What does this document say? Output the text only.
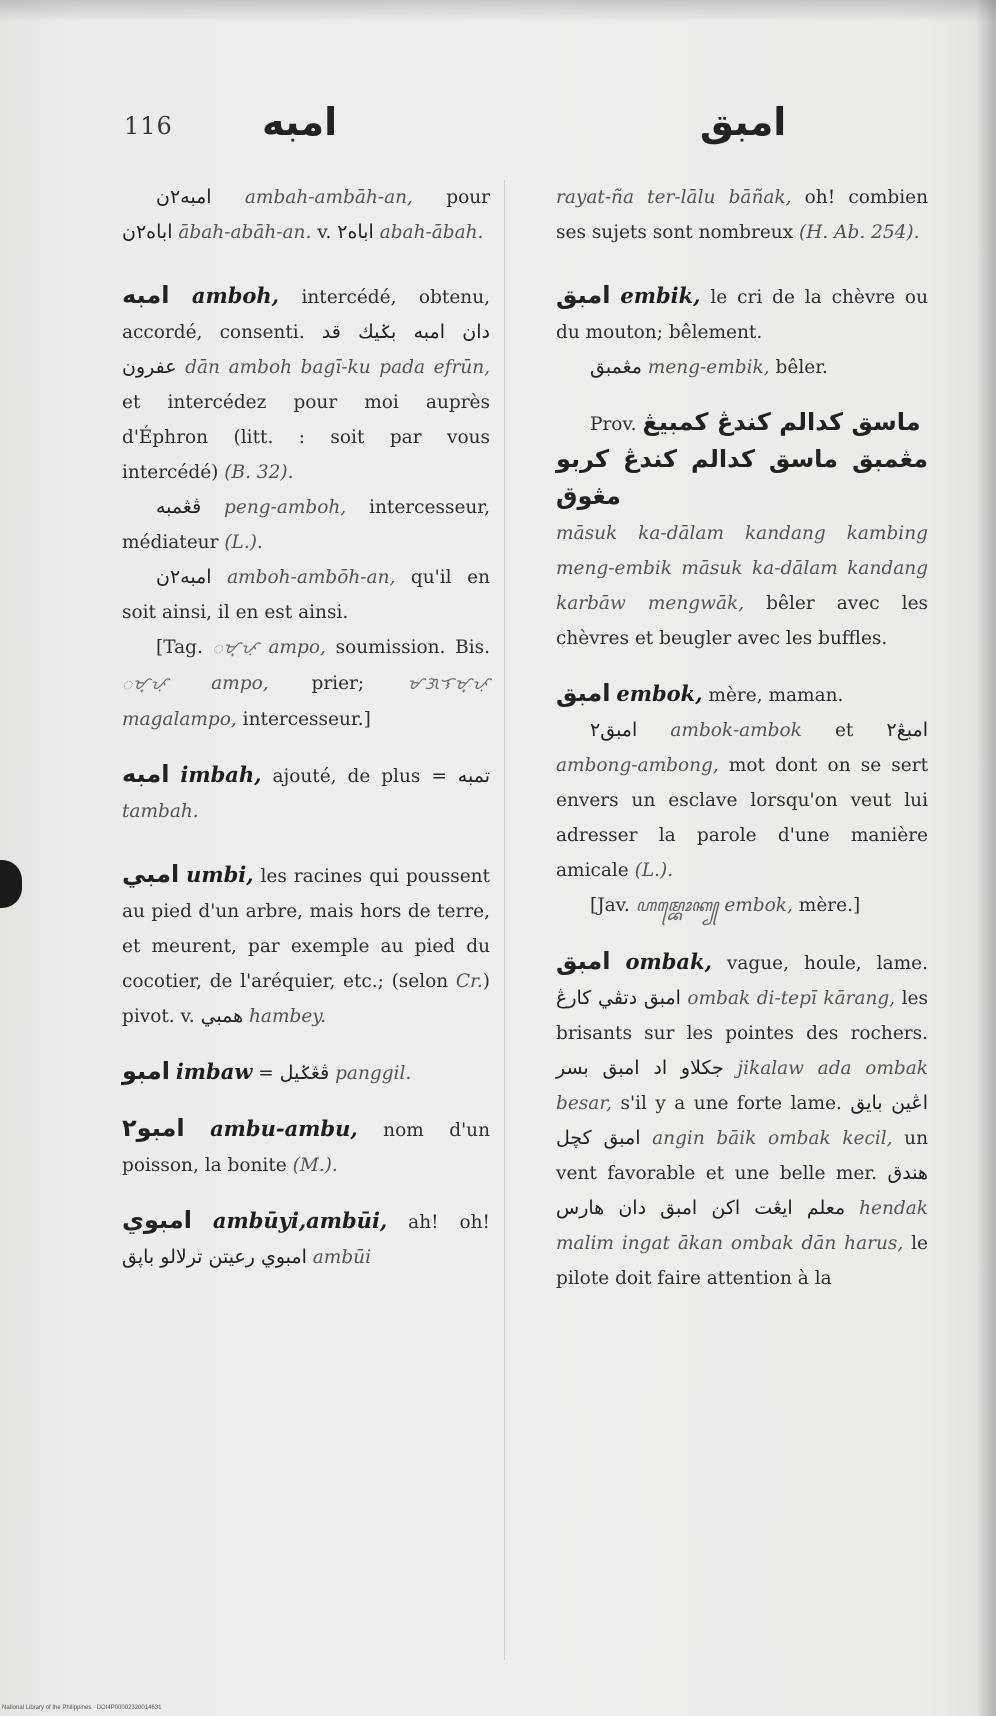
116 امبه	امبق

امبه٢ن ambah-ambāh-an, pour اباه٢ن ābah-abāh-an. v. اباه٢ abah-ābah.

امبه amboh, intercédé, obtenu, accordé, consenti. دان امبه بݢيك قد عفرون dān amboh bagī-ku pada efrūn, et intercédez pour moi auprès d'Éphron (litt. : soit par vous intercédé) (B. 32).

ڤڠمبه peng-amboh, intercesseur, médiateur (L.).

امبه٢ن amboh-ambōh-an, qu'il en soit ainsi, il en est ainsi.

[Tag. ᜀᜋ᜔ᜉᜓ ampo, soumission. Bis. ᜀᜋ᜔ᜉᜓ ampo, prier;	ᜋᜄᜎᜋ᜔ᜉᜓ magalampo, intercesseur.]

امبه imbah, ajouté, de plus = تمبه tambah.

امبي umbi, les racines qui poussent au pied d'un arbre, mais hors de terre, et meurent, par exemple au pied du cocotier, de l'aréquier, etc.; (selon Cr.) pivot. v. همبي hambey.

امبو imbaw = ڤڠݢيل panggil.

امبو٢ ambu-ambu, nom d'un poisson, la bonite (M.).

امبوي ambūyi,ambūi, ah! oh! امبوي رعيتن ترلالو باڽق ambūi

rayat-ña ter-lālu bāñak, oh! combien ses sujets sont nombreux (H. Ab. 254).

امبق embik, le cri de la chèvre ou du mouton; bêlement.

مڠمبق meng-embik, bêler.

Prov. ماسق كدالم كندڠ كمبيڠ
مڠمبق ماسق كدالم كندڠ كربو مڠوق
māsuk ka-dālam kandang kambing meng-embik māsuk ka-dālam kandang karbāw mengwāk, bêler avec les chèvres et beugler avec les buffles.

امبق embok, mère, maman.

امبق٢ ambok-ambok et امبڠ٢ ambong-ambong, mot dont on se sert envers un esclave lorsqu'on veut lui adresser la parole d'une manière amicale (L.).

[Jav. ꦲꦩ꧀ꦧꦺꦴꦏ꧀ embok, mère.]

امبق ombak, vague, houle, lame. امبق دتڤي كارڠ ombak di-tepī kārang, les brisants sur les pointes des rochers. جكلاو اد امبق بسر jikalaw ada ombak besar, s'il y a une forte lame. اڠين بايق امبق كچل angin bāik ombak kecil, un vent favorable et une belle mer. هندق معلم ايڠت اكن امبق دان هارس hendak malim ingat ākan ombak dān harus, le pilote doit faire attention à la

National Library of the Philippines · DOI4P00002320014631
